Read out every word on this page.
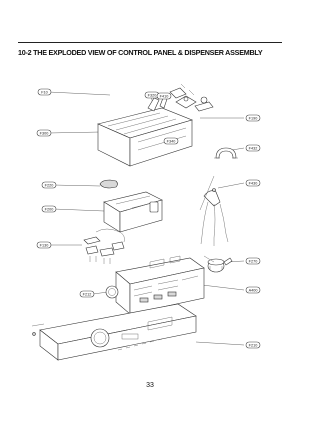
10-2 THE EXPLODED VIEW OF CONTROL PANEL & DISPENSER ASSEMBLY
F10
F320 F410
F190
F300
F340
F432
F220	F430
F200
F130
F270
A400
F212
F210
33
